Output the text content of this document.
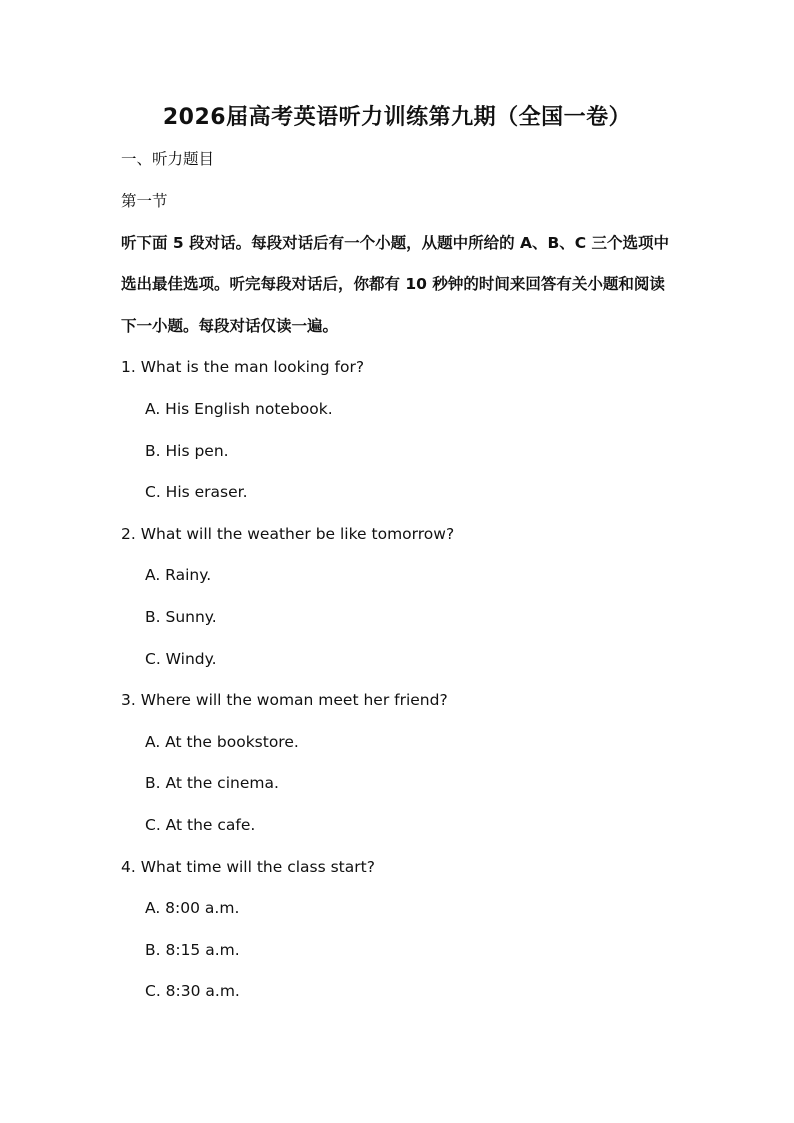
2026届高考英语听力训练第九期（全国一卷）
一、听力题目
第一节
听下面 5 段对话。每段对话后有一个小题，从题中所给的 A、B、C 三个选项中
选出最佳选项。听完每段对话后，你都有 10 秒钟的时间来回答有关小题和阅读
下一小题。每段对话仅读一遍。
1. What is the man looking for?
A. His English notebook.
B. His pen.
C. His eraser.
2. What will the weather be like tomorrow?
A. Rainy.
B. Sunny.
C. Windy.
3. Where will the woman meet her friend?
A. At the bookstore.
B. At the cinema.
C. At the cafe.
4. What time will the class start?
A. 8:00 a.m.
B. 8:15 a.m.
C. 8:30 a.m.
